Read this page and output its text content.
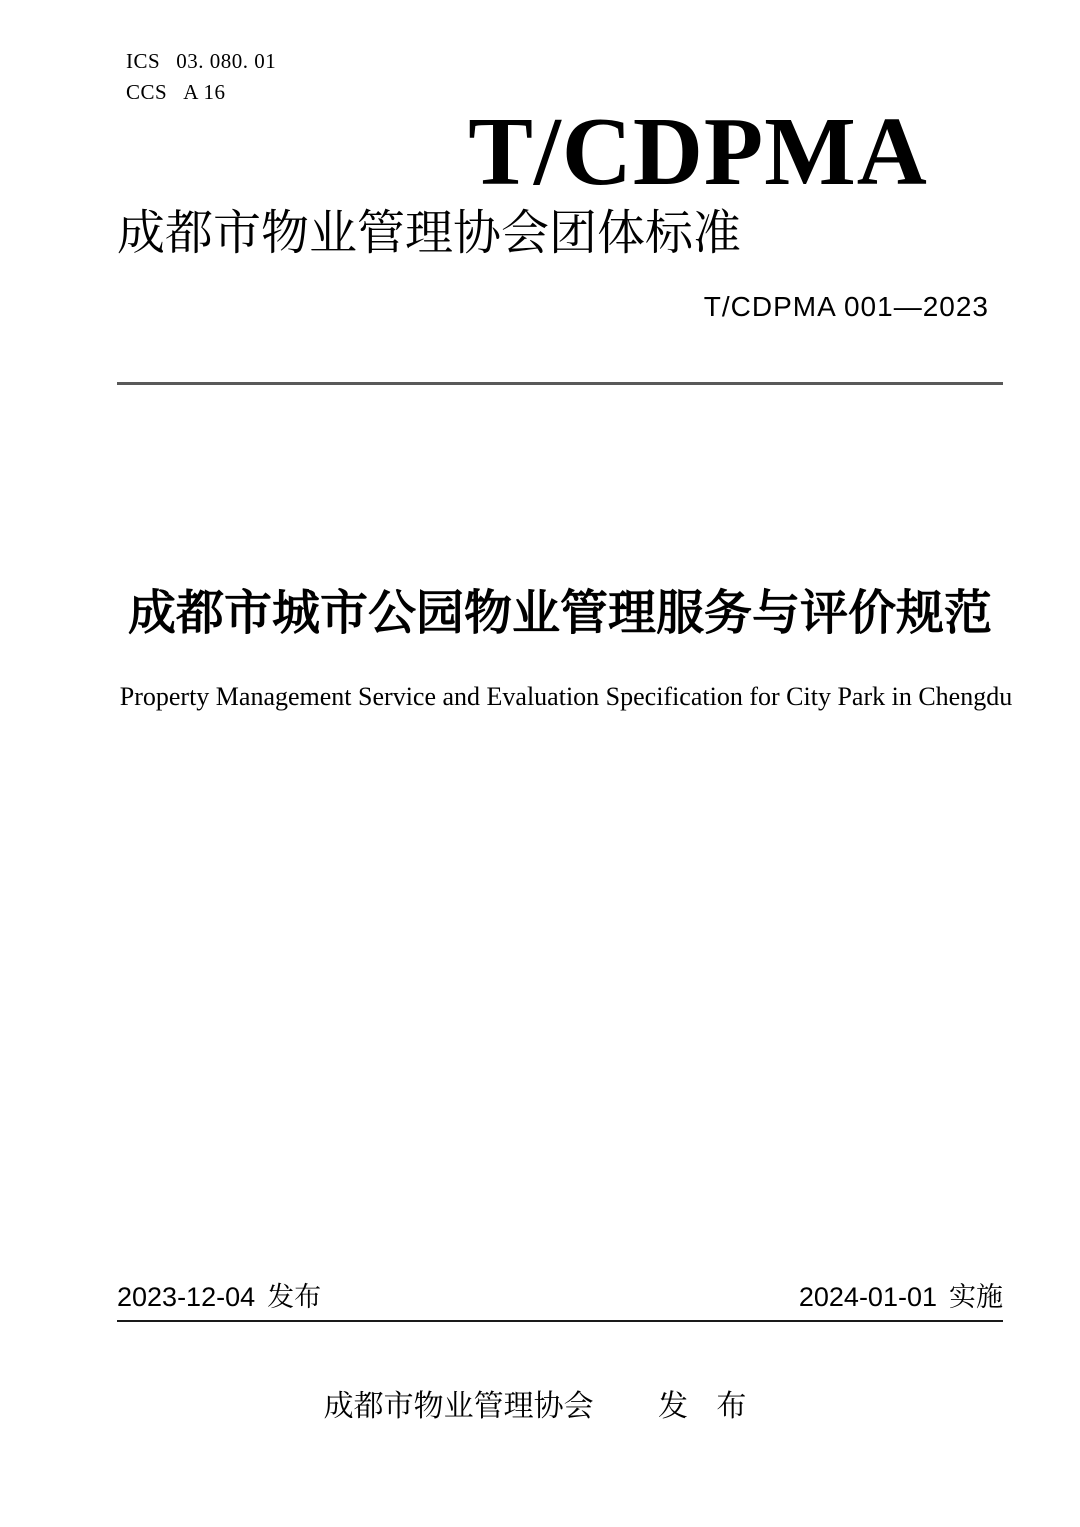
ICS 03. 080. 01
CCS A 16
T/CDPMA
成都市物业管理协会团体标准
T/CDPMA 001—2023
成都市城市公园物业管理服务与评价规范
Property Management Service and Evaluation Specification for City Park in Chengdu
2023-12-04 发布	2024-01-01 实施
成都市物业管理协会 发 布
